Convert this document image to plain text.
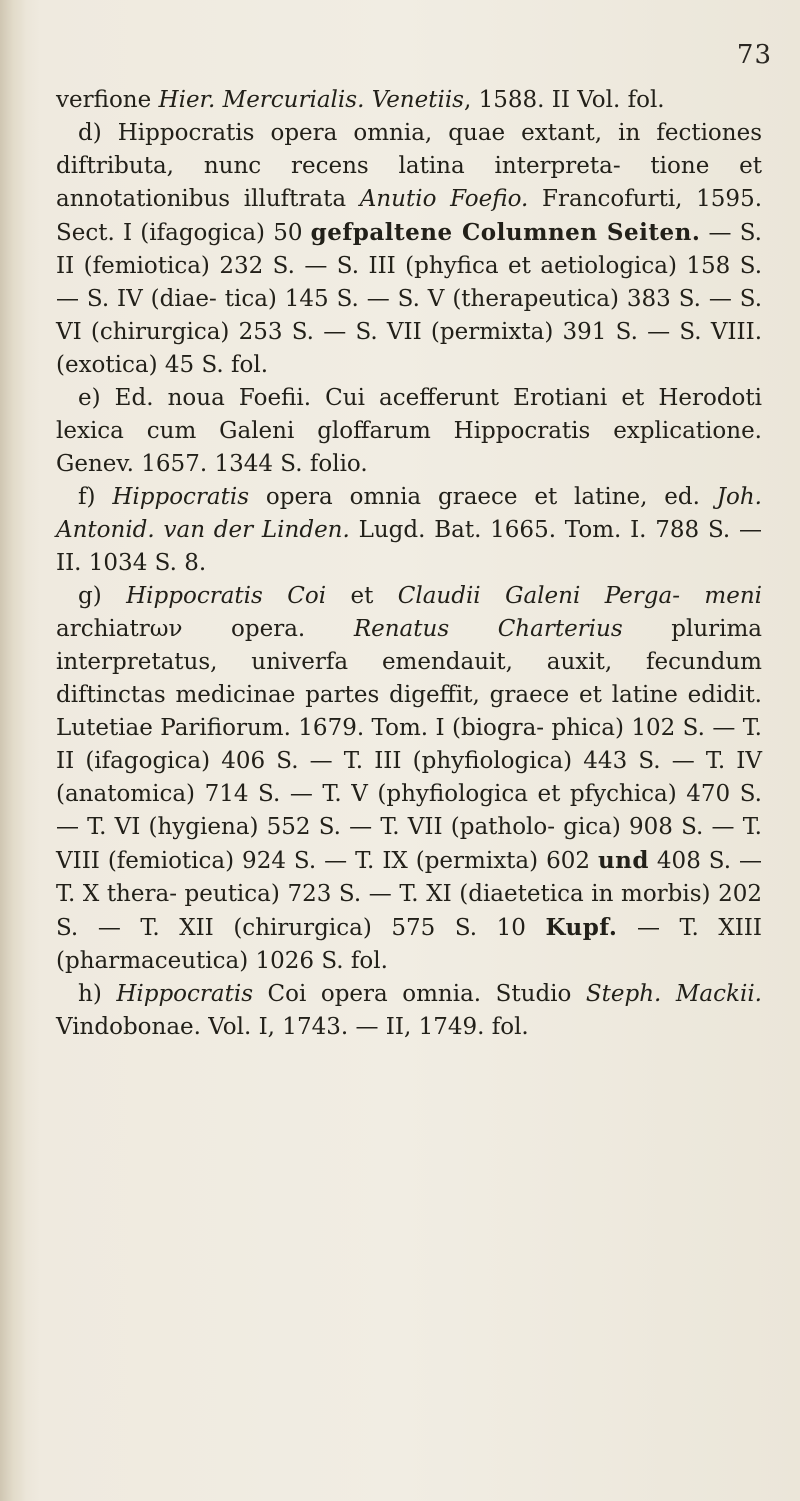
73

verfione Hier. Mercurialis. Venetiis, 1588. II Vol. fol.

d) Hippocratis opera omnia, quae extant, in fectiones diftributa, nunc recens latina interpreta- tione et annotationibus illuftrata Anutio Foefio. Francofurti, 1595. Sect. I (ifagogica) 50 gefpaltene Columnen Seiten. — S. II (femiotica) 232 S. — S. III (phyfica et aetiologica) 158 S. — S. IV (diae- tica) 145 S. — S. V (therapeutica) 383 S. — S. VI (chirurgica) 253 S. — S. VII (permixta) 391 S. — S. VIII. (exotica) 45 S. fol.

e) Ed. noua Foefii. Cui acefferunt Erotiani et Herodoti lexica cum Galeni gloffarum Hippocratis explicatione. Genev. 1657. 1344 S. folio.

f) Hippocratis opera omnia graece et latine, ed. Joh. Antonid. van der Linden. Lugd. Bat. 1665. Tom. I. 788 S. — II. 1034 S. 8.

g) Hippocratis Coi et Claudii Galeni Perga- meni archiatrων opera. Renatus Charterius plurima interpretatus, univerfa emendauit, auxit, fecundum diftinctas medicinae partes digeffit, graece et latine edidit. Lutetiae Parifiorum. 1679. Tom. I (biogra- phica) 102 S. — T. II (ifagogica) 406 S. — T. III (phyfiologica) 443 S. — T. IV (anatomica) 714 S. — T. V (phyfiologica et pfychica) 470 S. — T. VI (hygiena) 552 S. — T. VII (patholo- gica) 908 S. — T. VIII (femiotica) 924 S. — T. IX (permixta) 602 und 408 S. — T. X thera- peutica) 723 S. — T. XI (diaetetica in morbis) 202 S. — T. XII (chirurgica) 575 S. 10 Kupf. — T. XIII (pharmaceutica) 1026 S. fol.

h) Hippocratis Coi opera omnia. Studio Steph. Mackii. Vindobonae. Vol. I, 1743. — II, 1749. fol.
